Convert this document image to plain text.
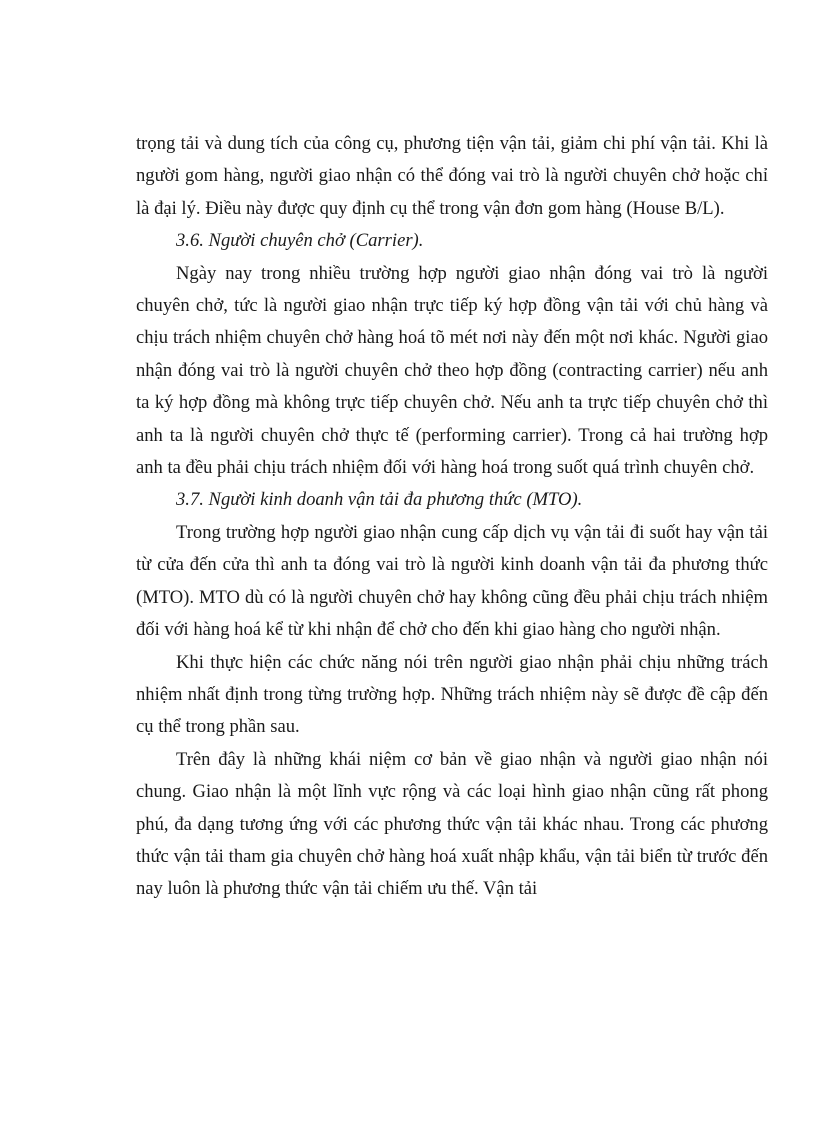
trọng tải và dung tích của công cụ, phương tiện vận tải, giảm chi phí vận tải. Khi là người gom hàng, người giao nhận có thể đóng vai trò là người chuyên chở hoặc chỉ là đại lý. Điều này được quy định cụ thể trong vận đơn gom hàng (House B/L).

3.6. Người chuyên chở (Carrier).

Ngày nay trong nhiều trường hợp người giao nhận đóng vai trò là người chuyên chở, tức là người giao nhận trực tiếp ký hợp đồng vận tải với chủ hàng và chịu trách nhiệm chuyên chở hàng hoá tõ mét nơi này đến một nơi khác. Người giao nhận đóng vai trò là người chuyên chở theo hợp đồng (contracting carrier) nếu anh ta ký hợp đồng mà không trực tiếp chuyên chở. Nếu anh ta trực tiếp chuyên chở thì anh ta là người chuyên chở thực tế (performing carrier). Trong cả hai trường hợp anh ta đều phải chịu trách nhiệm đối với hàng hoá trong suốt quá trình chuyên chở.

3.7. Người kinh doanh vận tải đa phương thức (MTO).

Trong trường hợp người giao nhận cung cấp dịch vụ vận tải đi suốt hay vận tải từ cửa đến cửa thì anh ta đóng vai trò là người kinh doanh vận tải đa phương thức (MTO). MTO dù có là người chuyên chở hay không cũng đều phải chịu trách nhiệm đối với hàng hoá kể từ khi nhận để chở cho đến khi giao hàng cho người nhận.

Khi thực hiện các chức năng nói trên người giao nhận phải chịu những trách nhiệm nhất định trong từng trường hợp. Những trách nhiệm này sẽ được đề cập đến cụ thể trong phần sau.

Trên đây là những khái niệm cơ bản về giao nhận và người giao nhận nói chung. Giao nhận là một lĩnh vực rộng và các loại hình giao nhận cũng rất phong phú, đa dạng tương ứng với các phương thức vận tải khác nhau. Trong các phương thức vận tải tham gia chuyên chở hàng hoá xuất nhập khẩu, vận tải biển từ trước đến nay luôn là phương thức vận tải chiếm ưu thế. Vận tải
